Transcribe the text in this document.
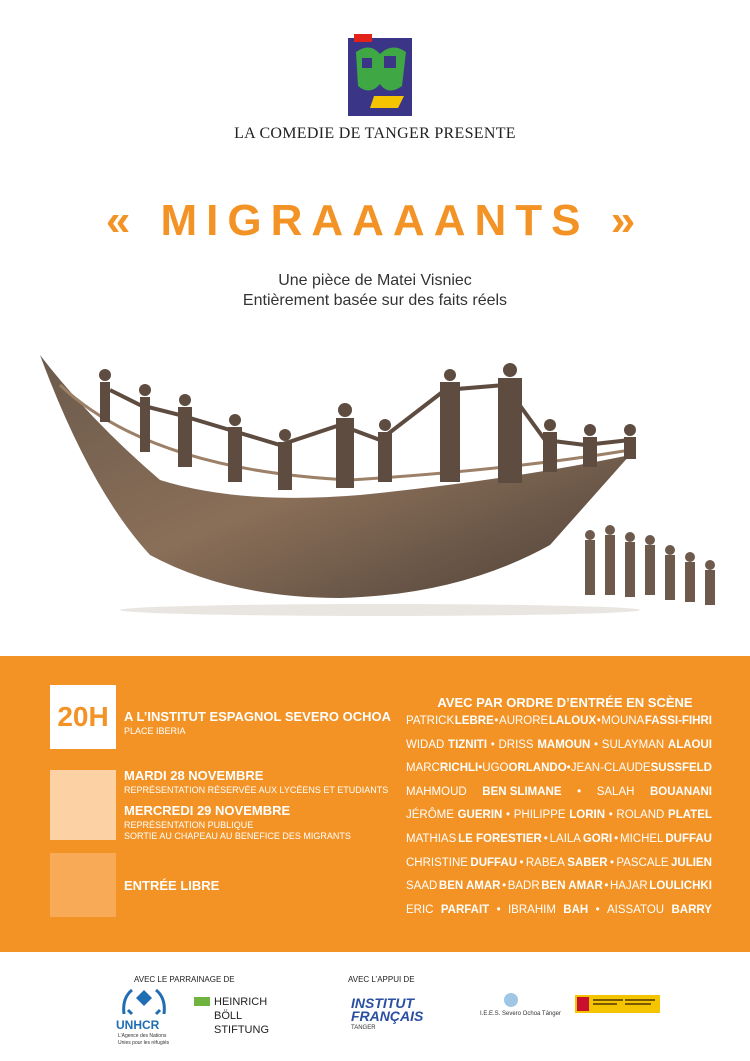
LA COMEDIE DE TANGER PRESENTE
« MIGRAAAANTS »
Une pièce de Matei Visniec
Entièrement basée sur des faits réels
20H	A L’INSTITUT ESPAGNOL SEVERO OCHOA
PLACE IBERIA
MARDI 28 NOVEMBRE
REPRÉSENTATION RÉSERVÉE AUX LYCÉENS ET ETUDIANTS
MERCREDI 29 NOVEMBRE
REPRÉSENTATION PUBLIQUE
SORTIE AU CHAPEAU AU BENEFICE DES MIGRANTS
ENTRÉE LIBRE
AVEC PAR ORDRE D’ENTRÉE EN SCÈNE
PATRICK LEBRE • AURORE LALOUX • MOUNA FASSI-FIHRI
WIDAD TIZNITI • DRISS MAMOUN • SULAYMAN ALAOUI
MARC RICHLI • UGO ORLANDO • JEAN-CLAUDE SUSSFELD
MAHMOUD BEN SLIMANE • SALAH BOUANANI
JÉRÔME GUERIN • PHILIPPE LORIN • ROLAND PLATEL
MATHIAS LE FORESTIER • LAILA GORI • MICHEL DUFFAU
CHRISTINE DUFFAU • RABEA SABER • PASCALE JULIEN
SAAD BEN AMAR • BADR BEN AMAR • HAJAR LOULICHKI
ERIC PARFAIT • IBRAHIM BAH • AISSATOU BARRY
AVEC LE PARRAINAGE DE	AVEC L’APPUI DE
UNHCR
L’Agence des Nations
Unies pour les réfugiés
HEINRICH
BÖLL
STIFTUNG
INSTITUT
FRANÇAIS
TANGER
I.E.E.S. Severo Ochoa Tánger
